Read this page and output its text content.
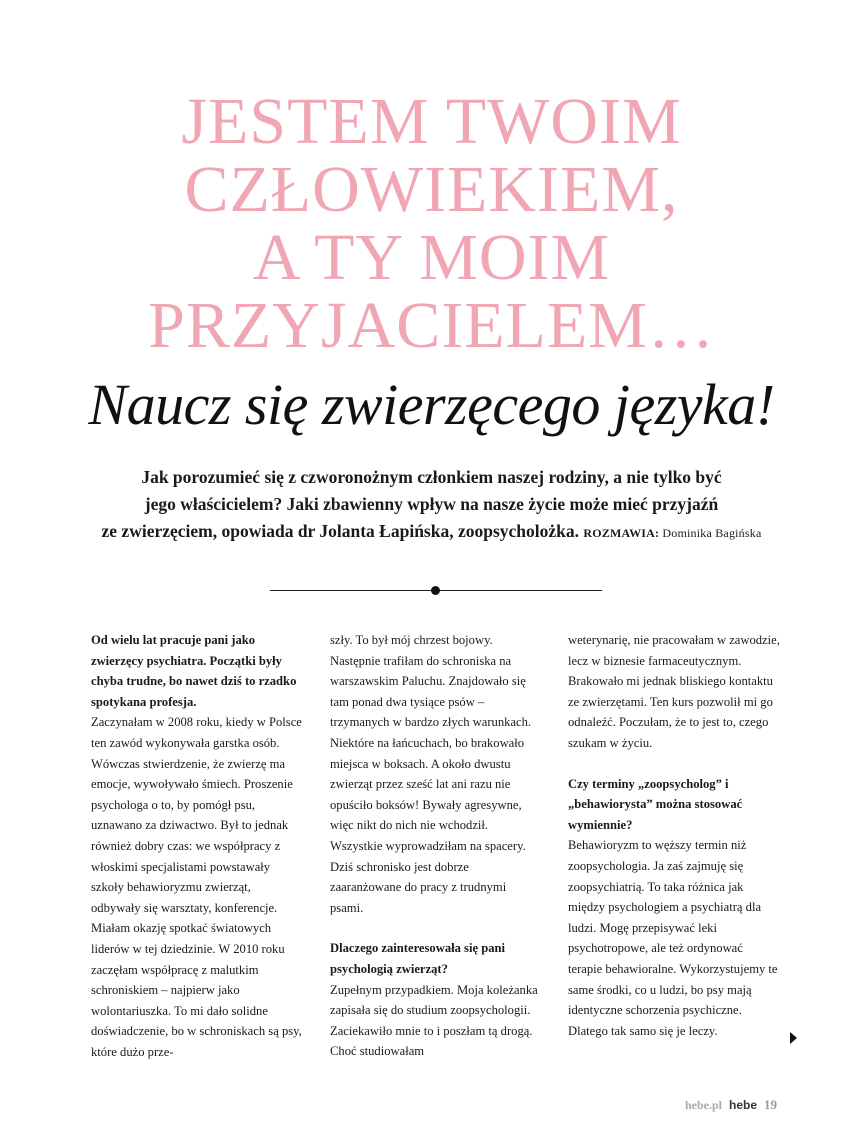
JESTEM TWOIM
CZŁOWIEKIEM,
A TY MOIM
PRZYJACIELEM…
Naucz się zwierzęcego języka!
Jak porozumieć się z czworonożnym członkiem naszej rodziny, a nie tylko być
jego właścicielem? Jaki zbawienny wpływ na nasze życie może mieć przyjaźń
ze zwierzęciem, opowiada dr Jolanta Łapińska, zoopsycholożka. ROZMAWIA: Dominika Bagińska

Od wielu lat pracuje pani jako zwierzęcy psychiatra. Początki były chyba trudne, bo nawet dziś to rzadko spotykana profesja.

Zaczynałam w 2008 roku, kiedy w Polsce ten zawód wykonywała garstka osób. Wówczas stwierdzenie, że zwierzę ma emocje, wywoływało śmiech. Proszenie psychologa o to, by pomógł psu, uznawano za dziwactwo. Był to jednak również dobry czas: we współpracy z włoskimi specjalistami powstawały szkoły behawioryzmu zwierząt, odbywały się warsztaty, konferencje. Miałam okazję spotkać światowych liderów w tej dziedzinie. W 2010 roku zaczęłam współpracę z malutkim schroniskiem – najpierw jako wolontariuszka. To mi dało solidne doświadczenie, bo w schroniskach są psy, które dużo prze-

szły. To był mój chrzest bojowy. Następnie trafiłam do schroniska na warszawskim Paluchu. Znajdowało się tam ponad dwa tysiące psów – trzymanych w bardzo złych warunkach. Niektóre na łańcuchach, bo brakowało miejsca w boksach. A około dwustu zwierząt przez sześć lat ani razu nie opuściło boksów! Bywały agresywne, więc nikt do nich nie wchodził. Wszystkie wyprowadziłam na spacery. Dziś schronisko jest dobrze zaaranżowane do pracy z trudnymi psami.

Dlaczego zainteresowała się pani psychologią zwierząt?

Zupełnym przypadkiem. Moja koleżanka zapisała się do studium zoopsychologii. Zaciekawiło mnie to i poszłam tą drogą. Choć studiowałam

weterynarię, nie pracowałam w zawodzie, lecz w biznesie farmaceutycznym. Brakowało mi jednak bliskiego kontaktu ze zwierzętami. Ten kurs pozwolił mi go odnaleźć. Poczułam, że to jest to, czego szukam w życiu.

Czy terminy „zoopsycholog” i „behawiorysta” można stosować wymiennie?

Behawioryzm to węższy termin niż zoopsychologia. Ja zaś zajmuję się zoopsychiatrią. To taka różnica jak między psychologiem a psychiatrą dla ludzi. Mogę przepisywać leki psychotropowe, ale też ordynować terapie behawioralne. Wykorzystujemy te same środki, co u ludzi, bo psy mają identyczne schorzenia psychiczne. Dlatego tak samo się je leczy.

hebe.pl hebe 19
